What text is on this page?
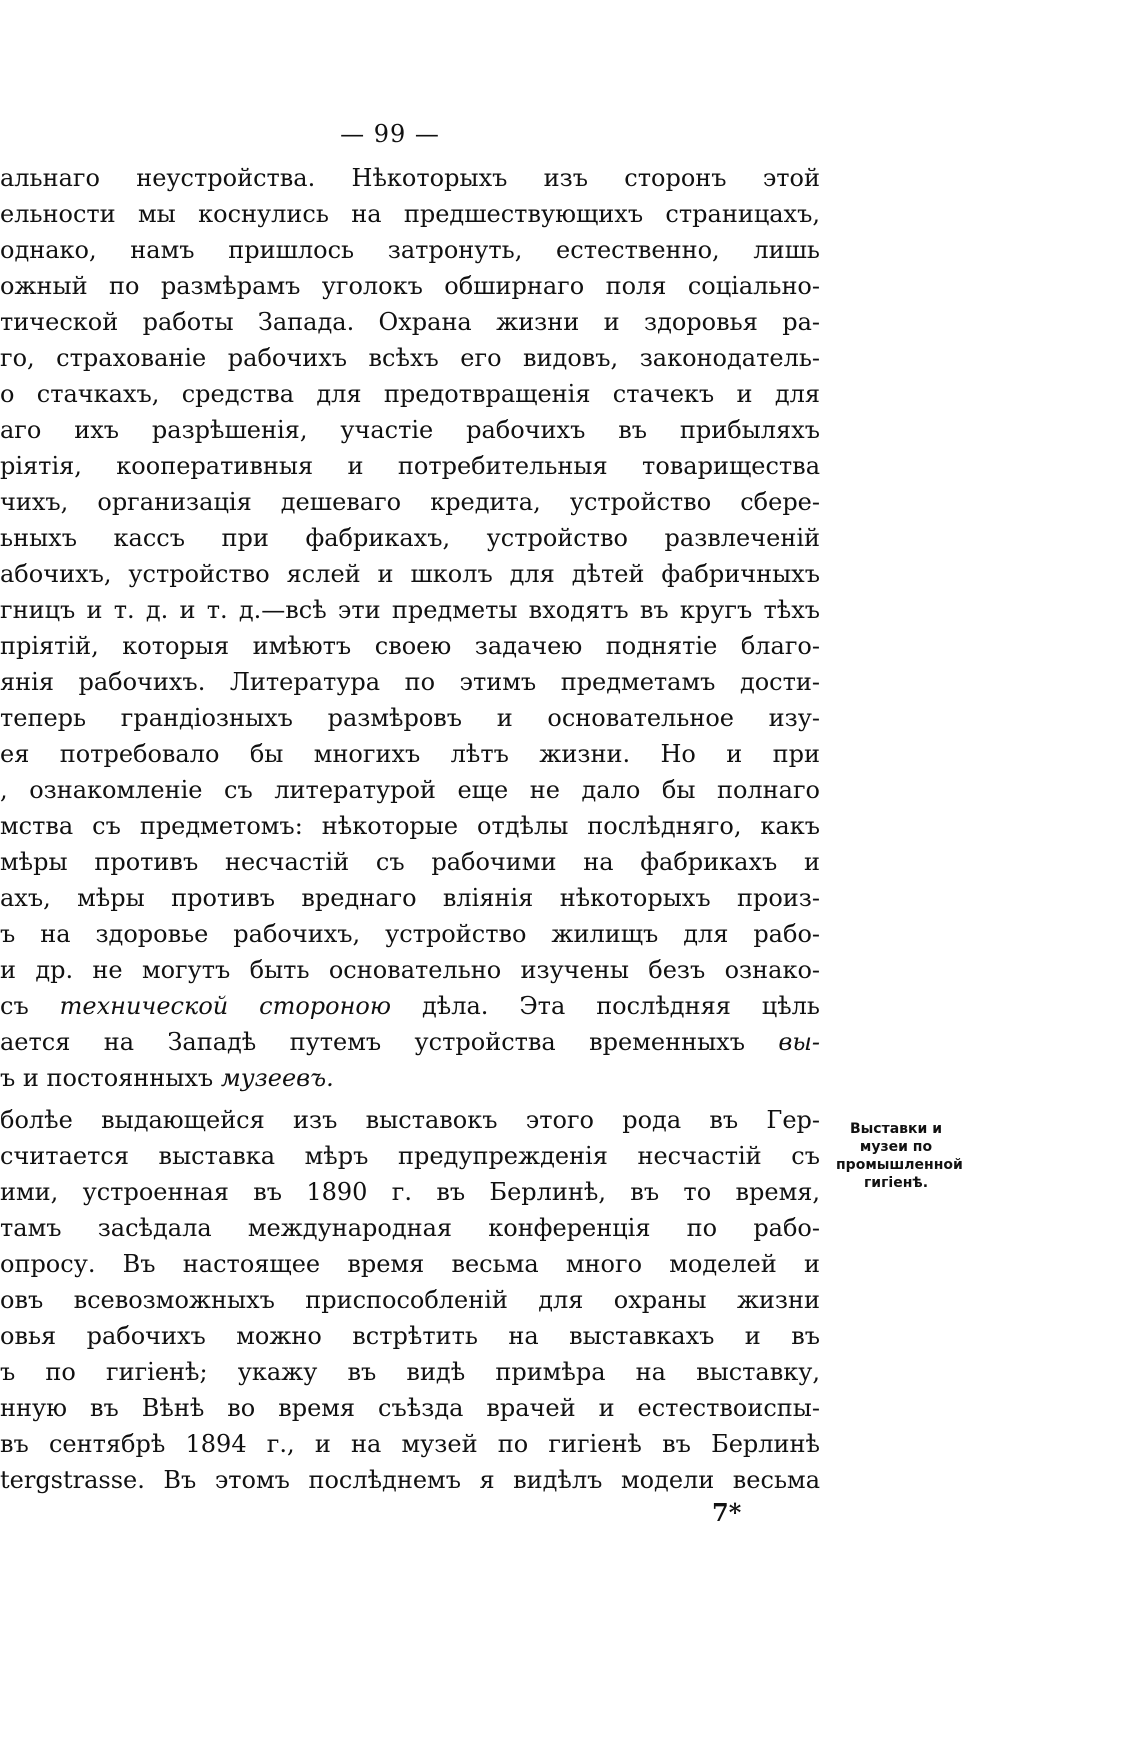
— 99 —
альнаго неустройства. Нѣкоторыхъ изъ сторонъ этой
ельности мы коснулись на предшествующихъ страницахъ,
однако, намъ пришлось затронуть, естественно, лишь
ожный по размѣрамъ уголокъ обширнаго поля соціально-
тической работы Запада. Охрана жизни и здоровья ра-
го, страхованіе рабочихъ всѣхъ его видовъ, законодатель-
о стачкахъ, средства для предотвращенія стачекъ и для
аго ихъ разрѣшенія, участіе рабочихъ въ прибыляхъ
ріятія, кооперативныя и потребительныя товарищества
чихъ, организація дешеваго кредита, устройство сбере-
ьныхъ кассъ при фабрикахъ, устройство развлеченій
абочихъ, устройство яслей и школъ для дѣтей фабричныхъ
гницъ и т. д. и т. д.—всѣ эти предметы входятъ въ кругъ тѣхъ
пріятій, которыя имѣютъ своею задачею поднятіе благо-
янія рабочихъ. Литература по этимъ предметамъ дости-
теперь грандіозныхъ размѣровъ и основательное изу-
ея потребовало бы многихъ лѣтъ жизни. Но и при
, ознакомленіе съ литературой еще не дало бы полнаго
мства съ предметомъ: нѣкоторые отдѣлы послѣдняго, какъ
мѣры противъ несчастій съ рабочими на фабрикахъ и
ахъ, мѣры противъ вреднаго вліянія нѣкоторыхъ произ-
ъ на здоровье рабочихъ, устройство жилищъ для рабо-
и др. не могутъ быть основательно изучены безъ ознако-
съ технической стороною дѣла. Эта послѣдняя цѣль
ается на Западѣ путемъ устройства временныхъ вы-
ъ и постоянныхъ музеевъ.
болѣе выдающейся изъ выставокъ этого рода въ Гер-
считается выставка мѣръ предупрежденія несчастій съ
ими, устроенная въ 1890 г. въ Берлинѣ, въ то время,
тамъ засѣдала международная конференція по рабо-
опросу. Въ настоящее время весьма много моделей и
овъ всевозможныхъ приспособленій для охраны жизни
овья рабочихъ можно встрѣтить на выставкахъ и въ
ъ по гигіенѣ; укажу въ видѣ примѣра на выставку,
нную въ Вѣнѣ во время съѣзда врачей и естествоиспы-
въ сентябрѣ 1894 г., и на музей по гигіенѣ въ Берлинѣ
tergstrasse. Въ этомъ послѣднемъ я видѣлъ модели весьма
Выставки и музеи по промышленной гигіенѣ.
7*
